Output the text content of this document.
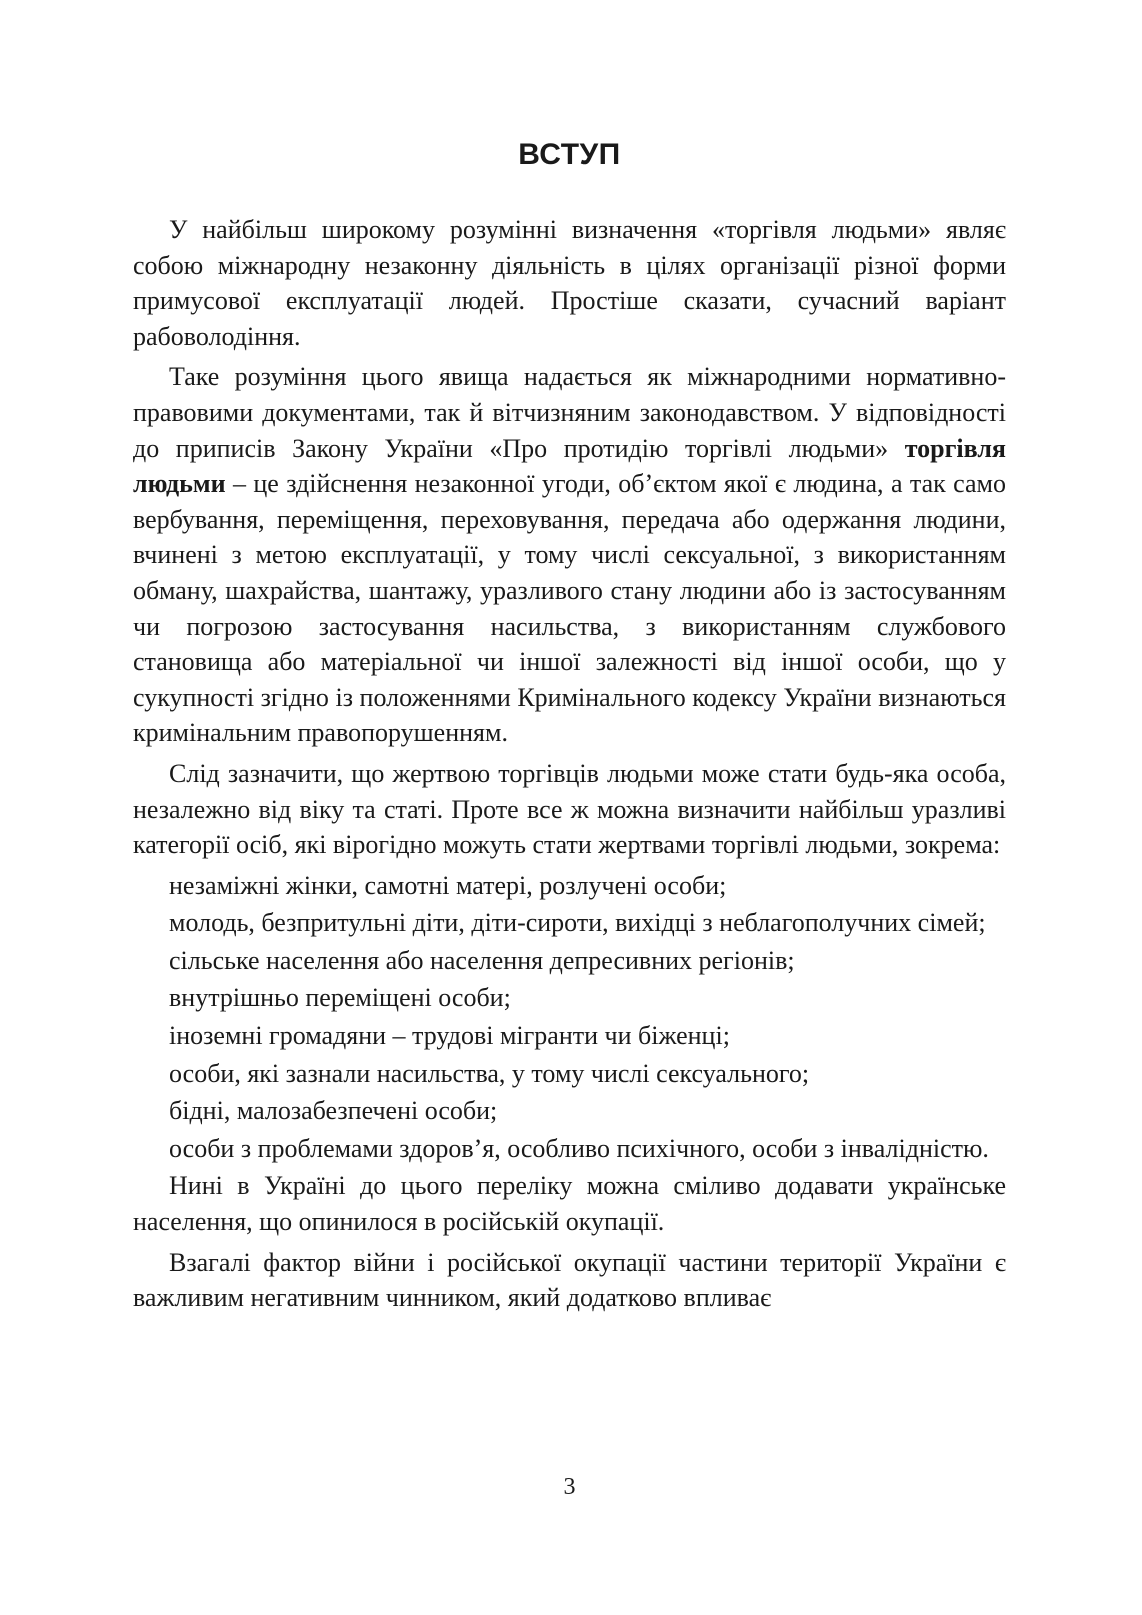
ВСТУП

У найбільш широкому розумінні визначення «торгівля людьми» являє собою міжнародну незаконну діяльність в цілях організації різної форми примусової експлуатації людей. Простіше сказати, сучасний варіант рабоволодіння.

Таке розуміння цього явища надається як міжнародними нормативно-правовими документами, так й вітчизняним законодавством. У відповідності до приписів Закону України «Про протидію торгівлі людьми» торгівля людьми – це здійснення незаконної угоди, об’єктом якої є людина, а так само вербування, переміщення, переховування, передача або одержання людини, вчинені з метою експлуатації, у тому числі сексуальної, з використанням обману, шахрайства, шантажу, уразливого стану людини або із застосуванням чи погрозою застосування насильства, з використанням службового становища або матеріальної чи іншої залежності від іншої особи, що у сукупності згідно із положеннями Кримінального кодексу України визнаються кримінальним правопорушенням.

Слід зазначити, що жертвою торгівців людьми може стати будь-яка особа, незалежно від віку та статі. Проте все ж можна визначити найбільш уразливі категорії осіб, які вірогідно можуть стати жертвами торгівлі людьми, зокрема:

незаміжні жінки, самотні матері, розлучені особи;

молодь, безпритульні діти, діти-сироти, вихідці з неблагополучних сімей;

сільське населення або населення депресивних регіонів;

внутрішньо переміщені особи;

іноземні громадяни – трудові мігранти чи біженці;

особи, які зазнали насильства, у тому числі сексуального;

бідні, малозабезпечені особи;

особи з проблемами здоров’я, особливо психічного, особи з інвалідністю.

Нині в Україні до цього переліку можна сміливо додавати українське населення, що опинилося в російській окупації.

Взагалі фактор війни і російської окупації частини території України є важливим негативним чинником, який додатково впливає

3
